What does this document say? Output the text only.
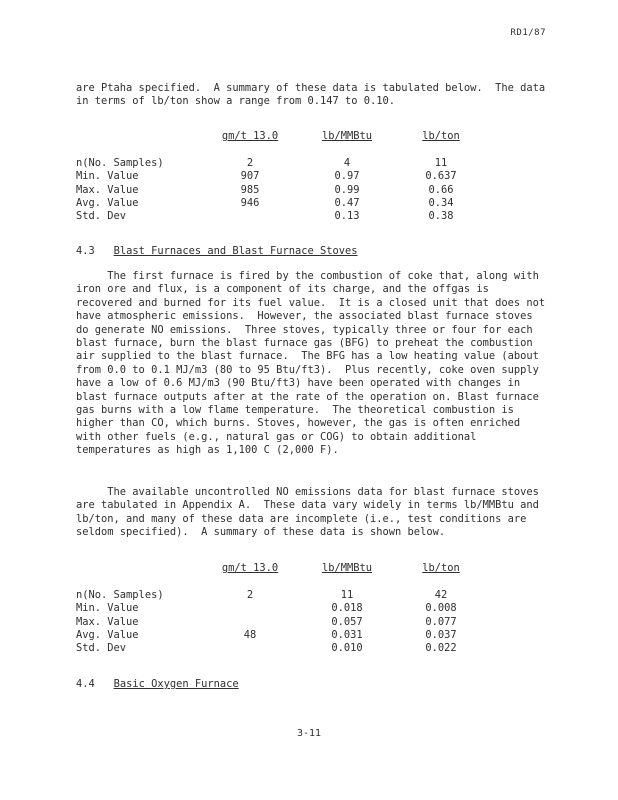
RD1/87
are Ptaha specified.  A summary of these data is tabulated below.  The data in terms of lb/ton show a range from 0.147 to 0.10.
	gm/t 13.0	lb/MMBtu	lb/ton

n(No. Samples)	2	4	11
Min. Value	907	0.97	0.637
Max. Value	985	0.99	0.66
Avg. Value	946	0.47	0.34
Std. Dev		0.13	0.38
4.3 Blast Furnaces and Blast Furnace Stoves
The first furnace is fired by the combustion of coke that, along with iron ore and flux, is a component of its charge, and the offgas is recovered and burned for its fuel value.  It is a closed unit that does not have atmospheric emissions.  However, the associated blast furnace stoves do generate NO emissions.  Three stoves, typically three or four for each blast furnace, burn the blast furnace gas (BFG) to preheat the combustion air supplied to the blast furnace.  The BFG has a low heating value (about from 0.0 to 0.1 MJ/m3 (80 to 95 Btu/ft3).  Plus recently, coke oven supply have a low of 0.6 MJ/m3 (90 Btu/ft3) have been operated with changes in blast furnace outputs after at the rate of the operation on. Blast furnace gas burns with a low flame temperature.  The theoretical combustion is higher than CO, which burns. Stoves, however, the gas is often enriched with other fuels (e.g., natural gas or COG) to obtain additional temperatures as high as 1,100 C (2,000 F).
The available uncontrolled NO emissions data for blast furnace stoves are tabulated in Appendix A.  These data vary widely in terms lb/MMBtu and lb/ton, and many of these data are incomplete (i.e., test conditions are seldom specified).  A summary of these data is shown below.
	gm/t 13.0	lb/MMBtu	lb/ton

n(No. Samples)	2	11	42
Min. Value		0.018	0.008
Max. Value		0.057	0.077
Avg. Value	48	0.031	0.037
Std. Dev		0.010	0.022
4.4 Basic Oxygen Furnace
3-11
